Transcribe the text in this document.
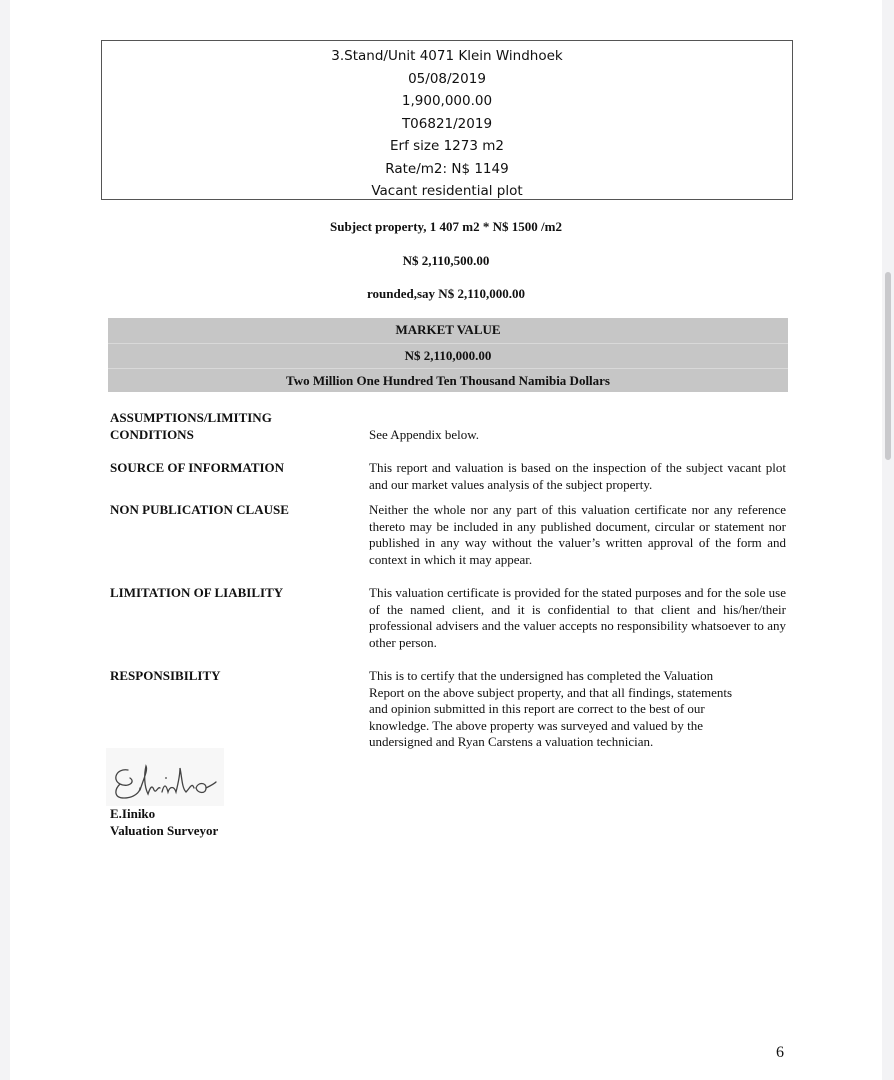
3.Stand/Unit 4071 Klein Windhoek
05/08/2019
1,900,000.00
T06821/2019
Erf size 1273 m2
Rate/m2: N$ 1149
Vacant residential plot
Subject property, 1 407 m2 * N$ 1500 /m2
N$ 2,110,500.00
rounded,say N$ 2,110,000.00
MARKET VALUE
N$ 2,110,000.00
Two Million One Hundred Ten Thousand Namibia Dollars
ASSUMPTIONS/LIMITING
CONDITIONS	See Appendix below.
SOURCE OF INFORMATION	This report and valuation is based on the inspection of the subject vacant plot and our market values analysis of the subject property.
NON PUBLICATION CLAUSE	Neither the whole nor any part of this valuation certificate nor any reference thereto may be included in any published document, circular or statement nor published in any way without the valuer’s written approval of the form and context in which it may appear.
LIMITATION OF LIABILITY	This valuation certificate is provided for the stated purposes and for the sole use of the named client, and it is confidential to that client and his/her/their professional advisers and the valuer accepts no responsibility whatsoever to any other person.
RESPONSIBILITY	This is to certify that the undersigned has completed the Valuation
Report on the above subject property, and that all findings, statements
and opinion submitted in this report are correct to the best of our
knowledge. The above property was surveyed and valued by the
undersigned and Ryan Carstens a valuation technician.
E.Iiniko
Valuation Surveyor
6
